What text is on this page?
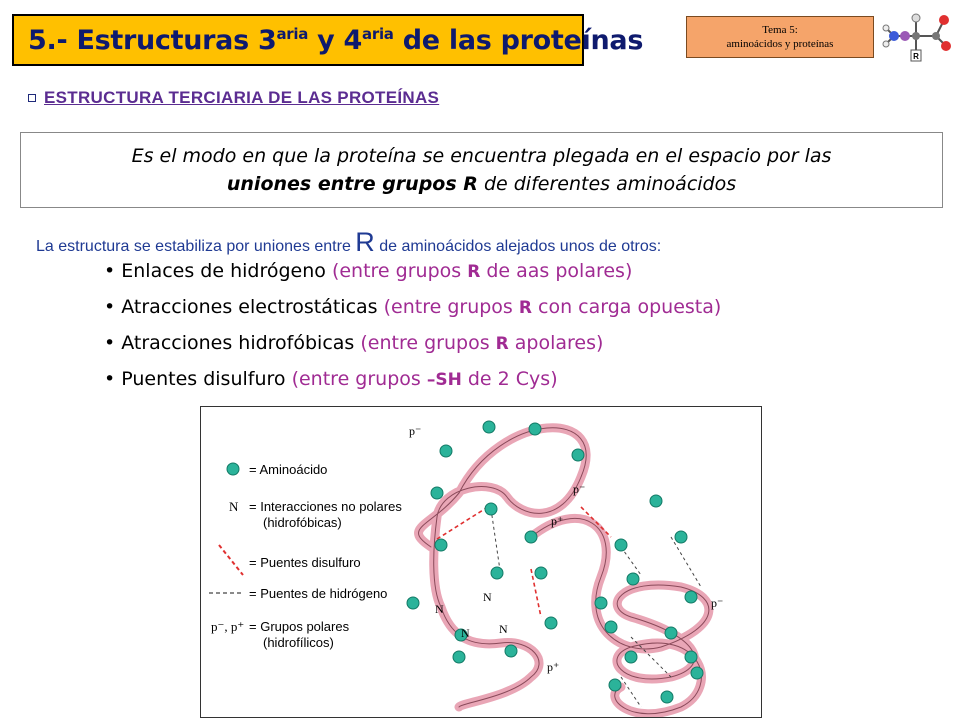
5.- Estructuras $3^{aria}$ y $4^{aria}$ de las proteínas	Tema 5:
aminoácidos y proteínas
R
ESTRUCTURA TERCIARIA DE LAS PROTEÍNAS
Es el modo en que la proteína se encuentra plegada en el espacio por las
uniones entre grupos R de diferentes aminoácidos
La estructura se estabiliza por uniones entre R de aminoácidos alejados unos de otros:
• Enlaces de hidrógeno (entre grupos R de aas polares)
• Atracciones electrostáticas (entre grupos R con carga opuesta)
• Atracciones hidrofóbicas (entre grupos R apolares)
• Puentes disulfuro (entre grupos –SH de 2 Cys)
= Aminoácido
N = Interacciones no polares
(hidrofóbicas)
= Puentes disulfuro
= Puentes de hidrógeno
p⁻, p⁺ = Grupos polares
(hidrofílicos)
p⁻
p⁻
p⁺
p⁻
p⁺
N
N
N N
